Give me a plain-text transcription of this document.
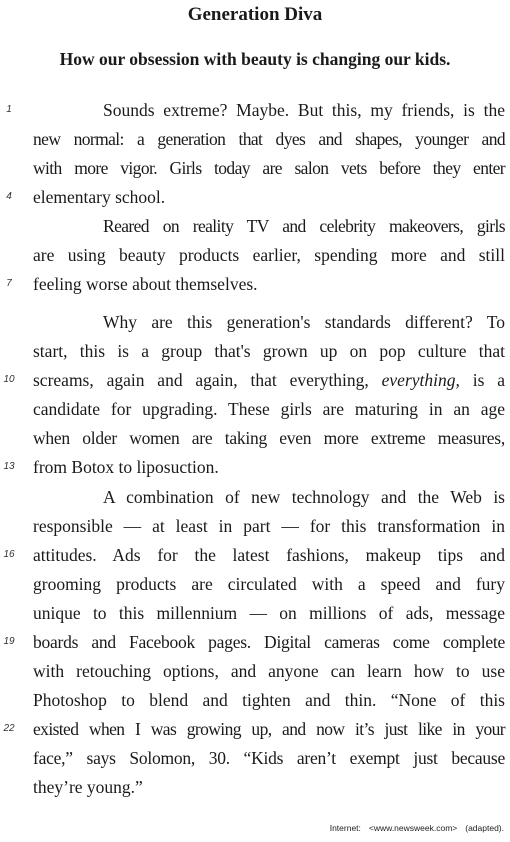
Generation Diva
How our obsession with beauty is changing our kids.
1
4
7
10
13
16
19
22
Sounds extreme? Maybe. But this, my friends, is the
new normal: a generation that dyes and shapes, younger and
with more vigor. Girls today are salon vets before they enter
elementary school.
Reared on reality TV and celebrity makeovers, girls
are using beauty products earlier, spending more and still
feeling worse about themselves.
Why are this generation's standards different? To
start, this is a group that's grown up on pop culture that
screams, again and again, that everything, everything, is a
candidate for upgrading. These girls are maturing in an age
when older women are taking even more extreme measures,
from Botox to liposuction.
A combination of new technology and the Web is
responsible — at least in part — for this transformation in
attitudes. Ads for the latest fashions, makeup tips and
grooming products are circulated with a speed and fury
unique to this millennium — on millions of ads, message
boards and Facebook pages. Digital cameras come complete
with retouching options, and anyone can learn how to use
Photoshop to blend and tighten and thin. “None of this
existed when I was growing up, and now it’s just like in your
face,” says Solomon, 30. “Kids aren’t exempt just because
they’re young.”
Internet: <www.newsweek.com> (adapted).
